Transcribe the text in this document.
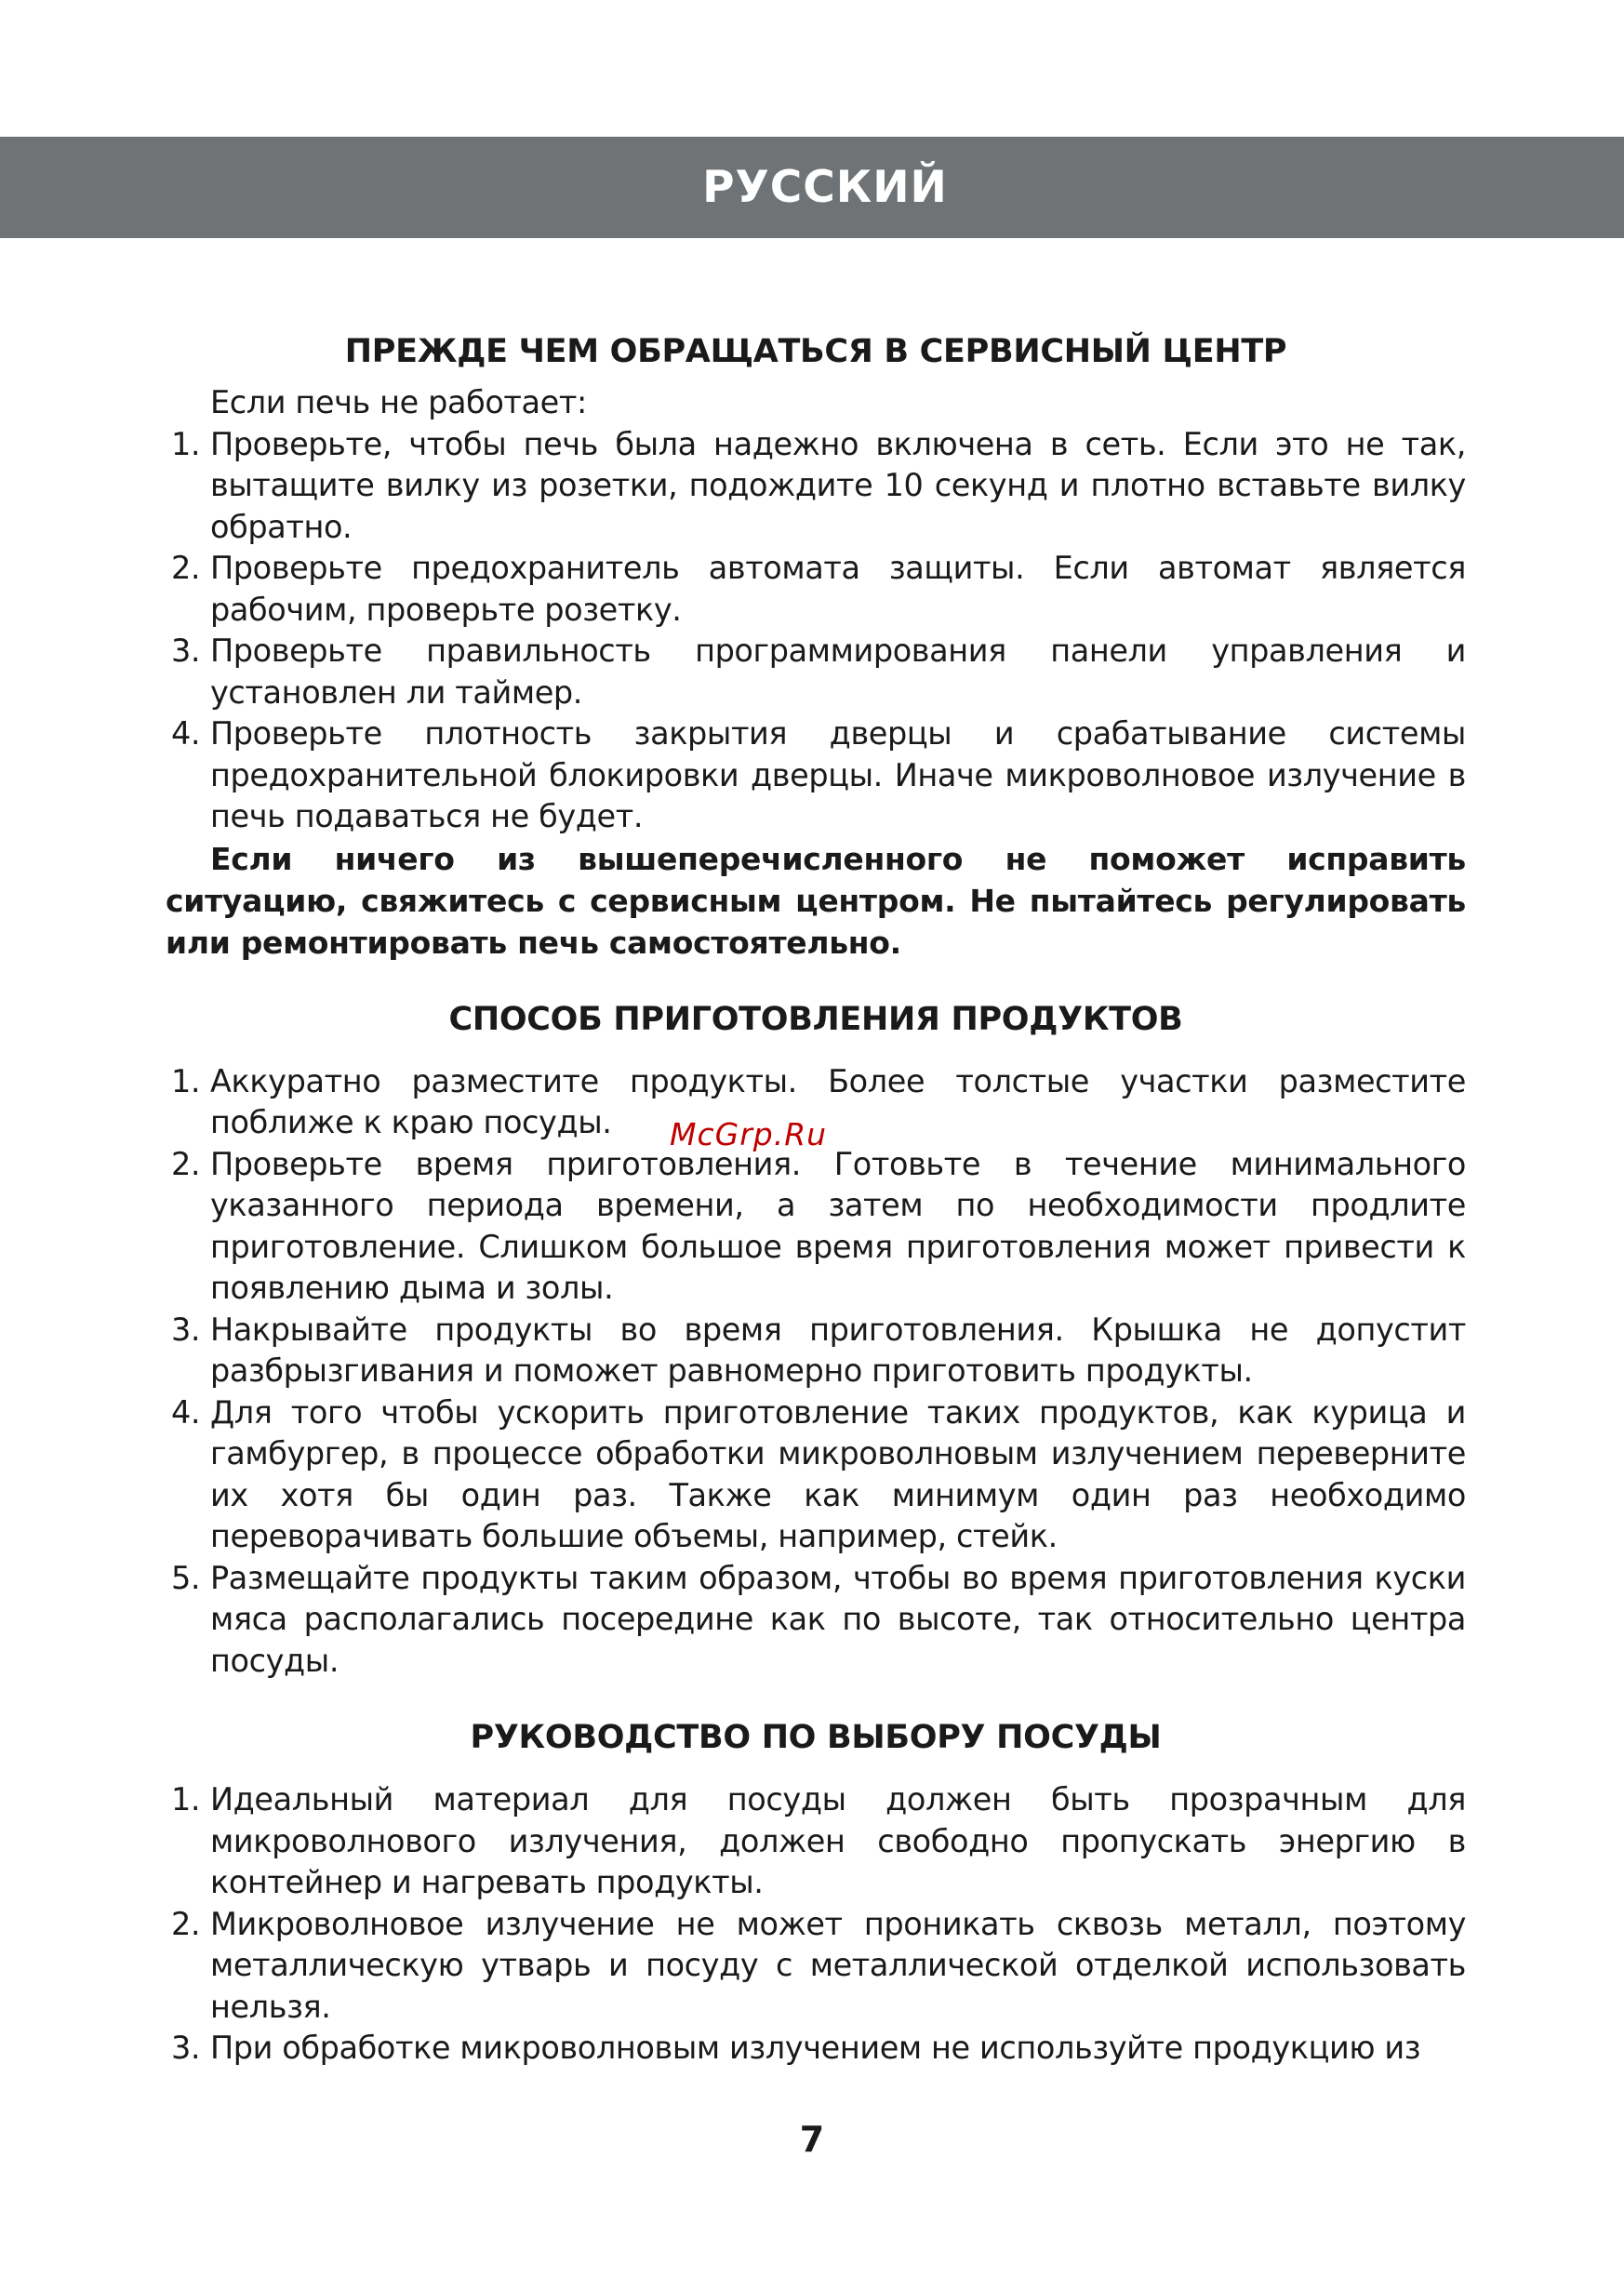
РУССКИЙ
ПРЕЖДЕ ЧЕМ ОБРАЩАТЬСЯ В СЕРВИСНЫЙ ЦЕНТР

Если печь не работает:

1. Проверьте, чтобы печь была надежно включена в сеть. Если это не так, вытащите вилку из розетки, подождите 10 секунд и плотно вставьте вилку обратно.
2. Проверьте предохранитель автомата защиты. Если автомат является рабочим, проверьте розетку.
3. Проверьте правильность программирования панели управления и установлен ли таймер.
4. Проверьте плотность закрытия дверцы и срабатывание системы предохранительной блокировки дверцы. Иначе микроволновое излучение в печь подаваться не будет.

Если ничего из вышеперечисленного не поможет исправить ситуацию, свяжитесь с сервисным центром. Не пытайтесь регулировать или ремонтировать печь самостоятельно.

СПОСОБ ПРИГОТОВЛЕНИЯ ПРОДУКТОВ
1. Аккуратно разместите продукты. Более толстые участки разместите поближе к краю посуды.
2. Проверьте время приготовления. Готовьте в течение минимального указанного периода времени, а затем по необходимости продлите приготовление. Слишком большое время приготовления может привести к появлению дыма и золы.
3. Накрывайте продукты во время приготовления. Крышка не допустит разбрызгивания и поможет равномерно приготовить продукты.
4. Для того чтобы ускорить приготовление таких продуктов, как курица и гамбургер, в процессе обработки микроволновым излучением переверните их хотя бы один раз. Также как минимум один раз необходимо переворачивать большие объемы, например, стейк.
5. Размещайте продукты таким образом, чтобы во время приготовления куски мяса располагались посередине как по высоте, так относительно центра посуды.
РУКОВОДСТВО ПО ВЫБОРУ ПОСУДЫ
1. Идеальный материал для посуды должен быть прозрачным для микроволнового излучения, должен свободно пропускать энергию в контейнер и нагревать продукты.
2. Микроволновое излучение не может проникать сквозь металл, поэтому металлическую утварь и посуду с металлической отделкой использовать нельзя.
3. При обработке микроволновым излучением не используйте продукцию из
McGrp.Ru
7
